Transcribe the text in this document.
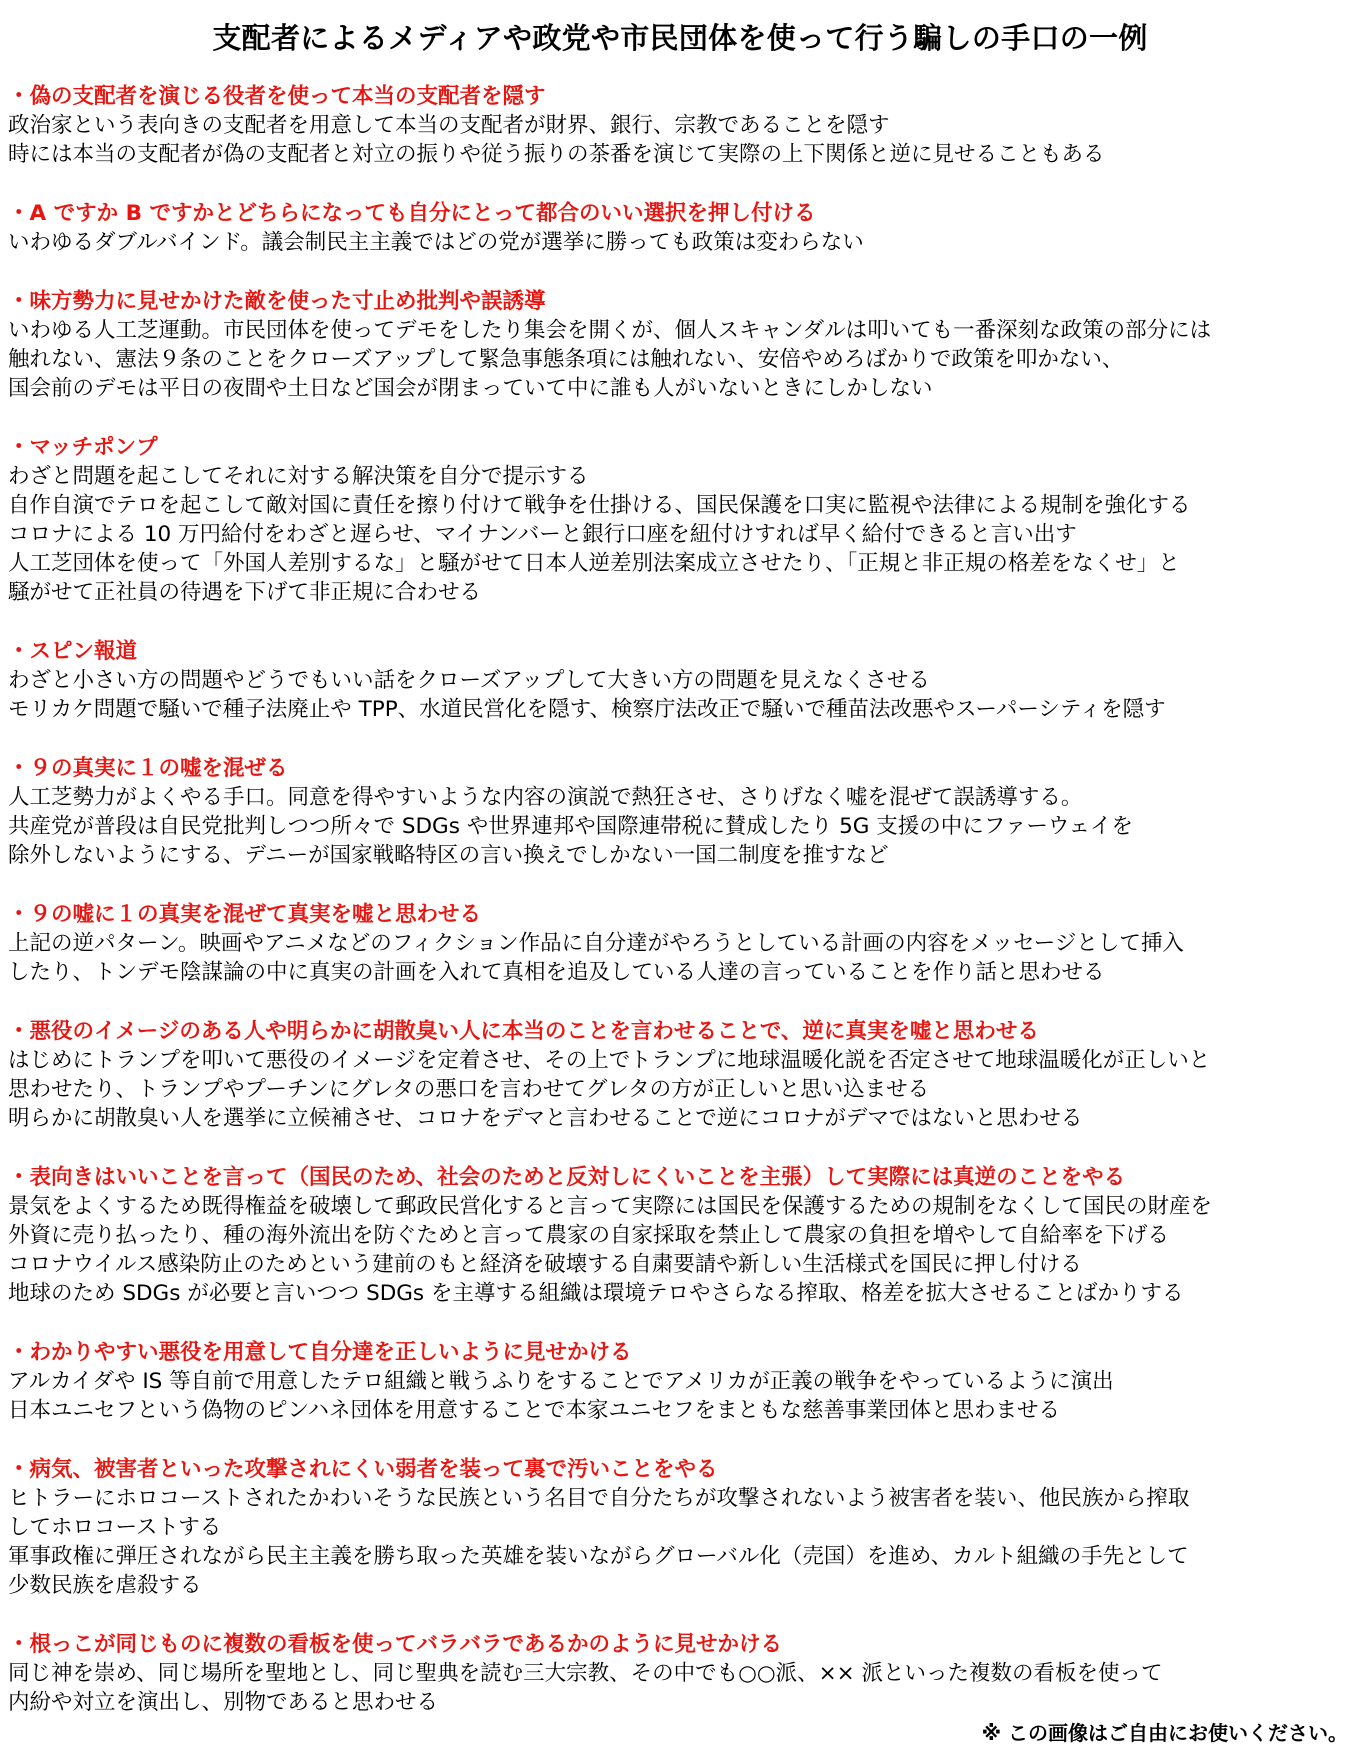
支配者によるメディアや政党や市民団体を使って行う騙しの手口の一例
・偽の支配者を演じる役者を使って本当の支配者を隠す
政治家という表向きの支配者を用意して本当の支配者が財界、銀行、宗教であることを隠す
時には本当の支配者が偽の支配者と対立の振りや従う振りの茶番を演じて実際の上下関係と逆に見せることもある
・A ですか B ですかとどちらになっても自分にとって都合のいい選択を押し付ける
いわゆるダブルバインド。議会制民主主義ではどの党が選挙に勝っても政策は変わらない
・味方勢力に見せかけた敵を使った寸止め批判や誤誘導
いわゆる人工芝運動。市民団体を使ってデモをしたり集会を開くが、個人スキャンダルは叩いても一番深刻な政策の部分には
触れない、憲法９条のことをクローズアップして緊急事態条項には触れない、安倍やめろばかりで政策を叩かない、
国会前のデモは平日の夜間や土日など国会が閉まっていて中に誰も人がいないときにしかしない
・マッチポンプ
わざと問題を起こしてそれに対する解決策を自分で提示する
自作自演でテロを起こして敵対国に責任を擦り付けて戦争を仕掛ける、国民保護を口実に監視や法律による規制を強化する
コロナによる 10 万円給付をわざと遅らせ、マイナンバーと銀行口座を紐付けすれば早く給付できると言い出す
人工芝団体を使って「外国人差別するな」と騒がせて日本人逆差別法案成立させたり、「正規と非正規の格差をなくせ」と
騒がせて正社員の待遇を下げて非正規に合わせる
・スピン報道
わざと小さい方の問題やどうでもいい話をクローズアップして大きい方の問題を見えなくさせる
モリカケ問題で騒いで種子法廃止や TPP、水道民営化を隠す、検察庁法改正で騒いで種苗法改悪やスーパーシティを隠す
・９の真実に１の嘘を混ぜる
人工芝勢力がよくやる手口。同意を得やすいような内容の演説で熱狂させ、さりげなく嘘を混ぜて誤誘導する。
共産党が普段は自民党批判しつつ所々で SDGs や世界連邦や国際連帯税に賛成したり 5G 支援の中にファーウェイを
除外しないようにする、デニーが国家戦略特区の言い換えでしかない一国二制度を推すなど
・９の嘘に１の真実を混ぜて真実を嘘と思わせる
上記の逆パターン。映画やアニメなどのフィクション作品に自分達がやろうとしている計画の内容をメッセージとして挿入
したり、トンデモ陰謀論の中に真実の計画を入れて真相を追及している人達の言っていることを作り話と思わせる
・悪役のイメージのある人や明らかに胡散臭い人に本当のことを言わせることで、逆に真実を嘘と思わせる
はじめにトランプを叩いて悪役のイメージを定着させ、その上でトランプに地球温暖化説を否定させて地球温暖化が正しいと
思わせたり、トランプやプーチンにグレタの悪口を言わせてグレタの方が正しいと思い込ませる
明らかに胡散臭い人を選挙に立候補させ、コロナをデマと言わせることで逆にコロナがデマではないと思わせる
・表向きはいいことを言って（国民のため、社会のためと反対しにくいことを主張）して実際には真逆のことをやる
景気をよくするため既得権益を破壊して郵政民営化すると言って実際には国民を保護するための規制をなくして国民の財産を
外資に売り払ったり、種の海外流出を防ぐためと言って農家の自家採取を禁止して農家の負担を増やして自給率を下げる
コロナウイルス感染防止のためという建前のもと経済を破壊する自粛要請や新しい生活様式を国民に押し付ける
地球のため SDGs が必要と言いつつ SDGs を主導する組織は環境テロやさらなる搾取、格差を拡大させることばかりする
・わかりやすい悪役を用意して自分達を正しいように見せかける
アルカイダや IS 等自前で用意したテロ組織と戦うふりをすることでアメリカが正義の戦争をやっているように演出
日本ユニセフという偽物のピンハネ団体を用意することで本家ユニセフをまともな慈善事業団体と思わませる
・病気、被害者といった攻撃されにくい弱者を装って裏で汚いことをやる
ヒトラーにホロコーストされたかわいそうな民族という名目で自分たちが攻撃されないよう被害者を装い、他民族から搾取
してホロコーストする
軍事政権に弾圧されながら民主主義を勝ち取った英雄を装いながらグローバル化（売国）を進め、カルト組織の手先として
少数民族を虐殺する
・根っこが同じものに複数の看板を使ってバラバラであるかのように見せかける
同じ神を崇め、同じ場所を聖地とし、同じ聖典を読む三大宗教、その中でも○○派、×× 派といった複数の看板を使って
内紛や対立を演出し、別物であると思わせる
※ この画像はご自由にお使いください。
